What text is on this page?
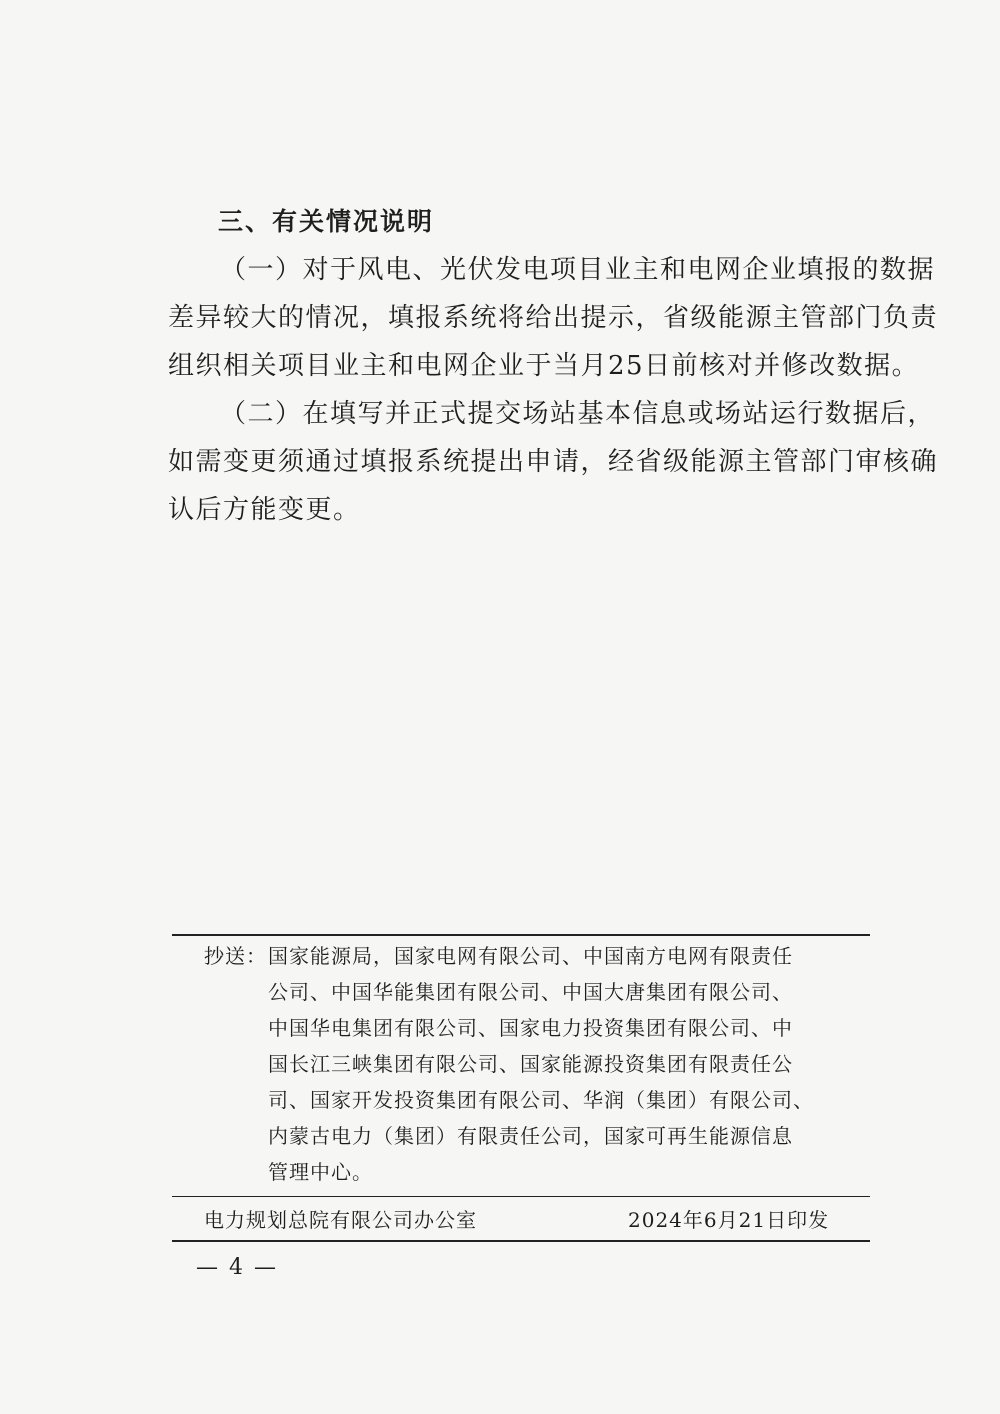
三、有关情况说明
（一）对于风电、光伏发电项目业主和电网企业填报的数据
差异较大的情况，填报系统将给出提示，省级能源主管部门负责
组织相关项目业主和电网企业于当月25日前核对并修改数据。
（二）在填写并正式提交场站基本信息或场站运行数据后，
如需变更须通过填报系统提出申请，经省级能源主管部门审核确
认后方能变更。
抄送： 国家能源局，国家电网有限公司、中国南方电网有限责任
公司、中国华能集团有限公司、中国大唐集团有限公司、
中国华电集团有限公司、国家电力投资集团有限公司、中
国长江三峡集团有限公司、国家能源投资集团有限责任公
司、国家开发投资集团有限公司、华润（集团）有限公司、
内蒙古电力（集团）有限责任公司，国家可再生能源信息
管理中心。
电力规划总院有限公司办公室	2024年6月21日印发
— 4 —
